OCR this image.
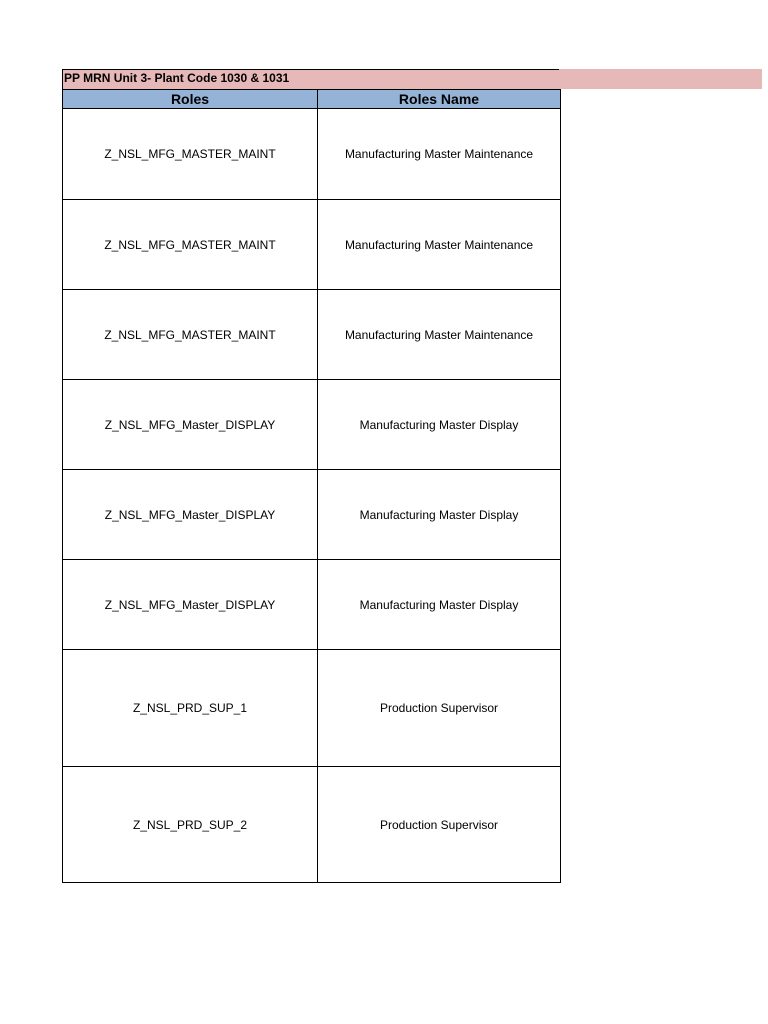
PP MRN Unit 3- Plant Code 1030 & 1031
Roles	Roles Name
Z_NSL_MFG_MASTER_MAINT	Manufacturing Master Maintenance
Z_NSL_MFG_MASTER_MAINT	Manufacturing Master Maintenance
Z_NSL_MFG_MASTER_MAINT	Manufacturing Master Maintenance
Z_NSL_MFG_Master_DISPLAY	Manufacturing Master Display
Z_NSL_MFG_Master_DISPLAY	Manufacturing Master Display
Z_NSL_MFG_Master_DISPLAY	Manufacturing Master Display
Z_NSL_PRD_SUP_1	Production Supervisor
Z_NSL_PRD_SUP_2	Production Supervisor
